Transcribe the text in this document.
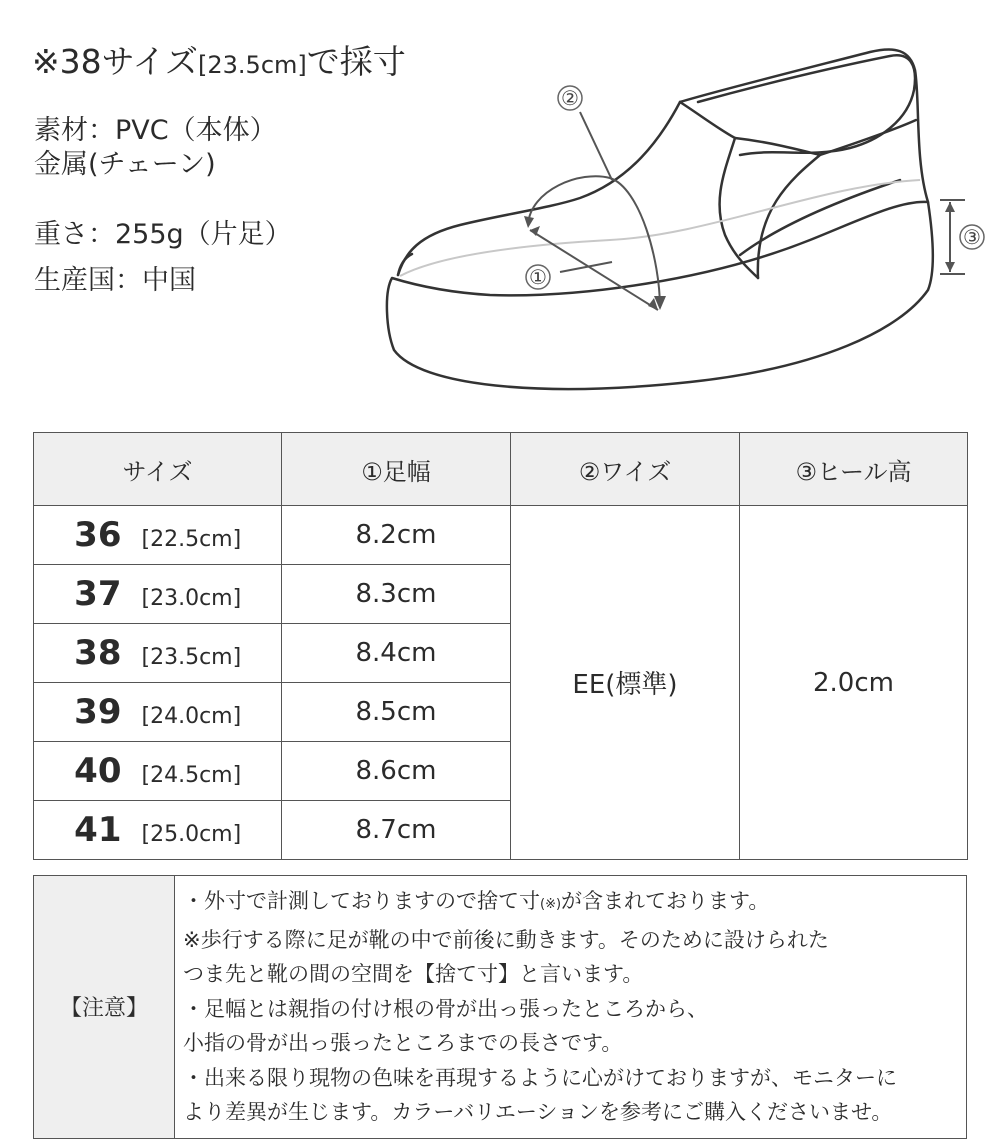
※38サイズ[23.5cm]で採寸
素材：PVC（本体）
金属(チェーン)
重さ：255g（片足）
生産国：中国
②
①
③
サイズ	①足幅	②ワイズ	③ヒール高
36 [22.5cm]	8.2cm	EE(標準)	2.0cm
37 [23.0cm]	8.3cm		
38 [23.5cm]	8.4cm		
39 [24.0cm]	8.5cm		
40 [24.5cm]	8.6cm		
41 [25.0cm]	8.7cm		
【注意】	
・外寸で計測しておりますので捨て寸(※)が含まれております。
※歩行する際に足が靴の中で前後に動きます。そのために設けられた
つま先と靴の間の空間を【捨て寸】と言います。
・足幅とは親指の付け根の骨が出っ張ったところから、
小指の骨が出っ張ったところまでの長さです。
・出来る限り現物の色味を再現するように心がけておりますが、モニターに
より差異が生じます。カラーバリエーションを参考にご購入くださいませ。
